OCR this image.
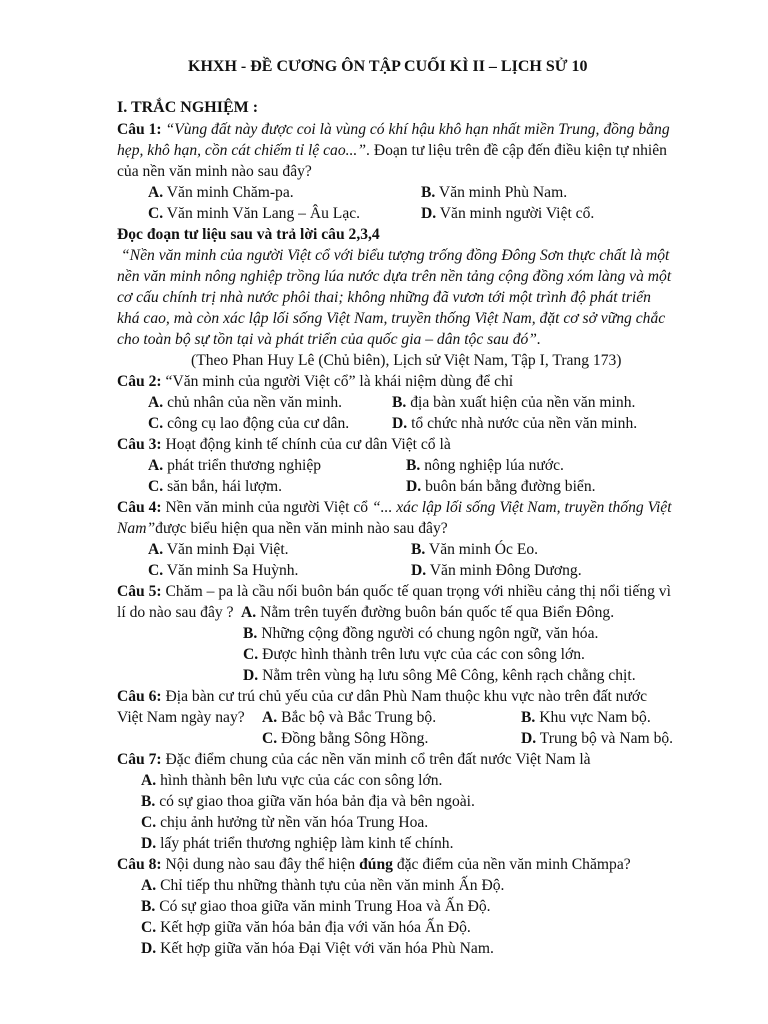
KHXH - ĐỀ CƯƠNG ÔN TẬP CUỐI KÌ II – LỊCH SỬ 10
I. TRẮC NGHIỆM :
Câu 1: “Vùng đất này được coi là vùng có khí hậu khô hạn nhất miền Trung, đồng bằng
hẹp, khô hạn, cồn cát chiếm tỉ lệ cao...”. Đoạn tư liệu trên đề cập đến điều kiện tự nhiên
của nền văn minh nào sau đây?
A. Văn minh Chăm-pa.	B. Văn minh Phù Nam.
C. Văn minh Văn Lang – Âu Lạc.	D. Văn minh người Việt cổ.
Đọc đoạn tư liệu sau và trả lời câu 2,3,4
“Nền văn minh của người Việt cổ với biểu tượng trống đồng Đông Sơn thực chất là một
nền văn minh nông nghiệp trồng lúa nước dựa trên nền tảng cộng đồng xóm làng và một
cơ cấu chính trị nhà nước phôi thai; không những đã vươn tới một trình độ phát triển
khá cao, mà còn xác lập lối sống Việt Nam, truyền thống Việt Nam, đặt cơ sở vững chắc
cho toàn bộ sự tồn tại và phát triển của quốc gia – dân tộc sau đó”.
(Theo Phan Huy Lê (Chủ biên), Lịch sử Việt Nam, Tập I, Trang 173)
Câu 2: “Văn minh của người Việt cổ” là khái niệm dùng để chỉ
A. chủ nhân của nền văn minh.	B. địa bàn xuất hiện của nền văn minh.
C. công cụ lao động của cư dân.	D. tổ chức nhà nước của nền văn minh.
Câu 3: Hoạt động kinh tế chính của cư dân Việt cổ là
A. phát triển thương nghiệp	B. nông nghiệp lúa nước.
C. săn bắn, hái lượm.	D. buôn bán bằng đường biển.
Câu 4: Nền văn minh của người Việt cổ “... xác lập lối sống Việt Nam, truyền thống Việt
Nam”được biểu hiện qua nền văn minh nào sau đây?
A. Văn minh Đại Việt.	B. Văn minh Óc Eo.
C. Văn minh Sa Huỳnh.	D. Văn minh Đông Dương.
Câu 5: Chăm – pa là cầu nối buôn bán quốc tế quan trọng với nhiều cảng thị nổi tiếng vì
lí do nào sau đây ? A. Nằm trên tuyến đường buôn bán quốc tế qua Biển Đông.
B. Những cộng đồng người có chung ngôn ngữ, văn hóa.
C. Được hình thành trên lưu vực của các con sông lớn.
D. Nằm trên vùng hạ lưu sông Mê Công, kênh rạch chằng chịt.
Câu 6: Địa bàn cư trú chủ yếu của cư dân Phù Nam thuộc khu vực nào trên đất nước
Việt Nam ngày nay? A. Bắc bộ và Bắc Trung bộ.	B. Khu vực Nam bộ.
C. Đồng bằng Sông Hồng.	D. Trung bộ và Nam bộ.
Câu 7: Đặc điểm chung của các nền văn minh cổ trên đất nước Việt Nam là
A. hình thành bên lưu vực của các con sông lớn.
B. có sự giao thoa giữa văn hóa bản địa và bên ngoài.
C. chịu ảnh hưởng từ nền văn hóa Trung Hoa.
D. lấy phát triển thương nghiệp làm kinh tế chính.
Câu 8: Nội dung nào sau đây thể hiện đúng đặc điểm của nền văn minh Chămpa?
A. Chỉ tiếp thu những thành tựu của nền văn minh Ấn Độ.
B. Có sự giao thoa giữa văn minh Trung Hoa và Ấn Độ.
C. Kết hợp giữa văn hóa bản địa với văn hóa Ấn Độ.
D. Kết hợp giữa văn hóa Đại Việt với văn hóa Phù Nam.
